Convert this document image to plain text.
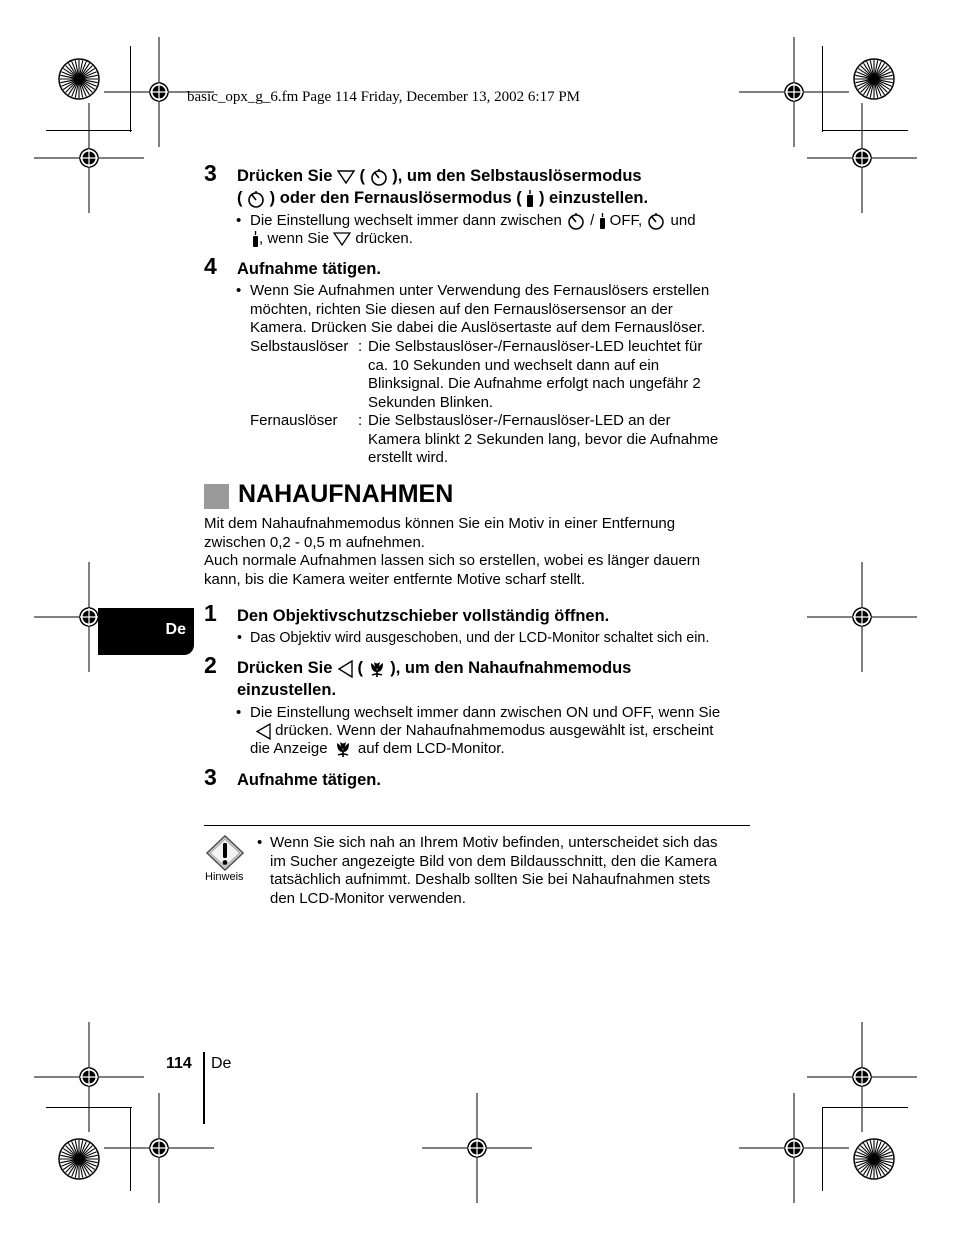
basic_opx_g_6.fm Page 114 Friday, December 13, 2002 6:17 PM
3 Drücken Sie  (  ), um den Selbstauslösermodus
(  ) oder den Fernauslösermodus (  ) einzustellen.
• Die Einstellung wechselt immer dann zwischen  /  OFF,  und
, wenn Sie  drücken.
4 Aufnahme tätigen.
• Wenn Sie Aufnahmen unter Verwendung des Fernauslösers erstellen
möchten, richten Sie diesen auf den Fernauslösersensor an der
Kamera. Drücken Sie dabei die Auslösertaste auf dem Fernauslöser.
Selbstauslöser : Die Selbstauslöser-/Fernauslöser-LED leuchtet für
ca. 10 Sekunden und wechselt dann auf ein
Blinksignal. Die Aufnahme erfolgt nach ungefähr 2
Sekunden Blinken.
Fernauslöser : Die Selbstauslöser-/Fernauslöser-LED an der
Kamera blinkt 2 Sekunden lang, bevor die Aufnahme
erstellt wird.
NAHAUFNAHMEN
Mit dem Nahaufnahmemodus können Sie ein Motiv in einer Entfernung
zwischen 0,2 - 0,5 m aufnehmen.
Auch normale Aufnahmen lassen sich so erstellen, wobei es länger dauern
kann, bis die Kamera weiter entfernte Motive scharf stellt.
De
1 Den Objektivschutzschieber vollständig öffnen.
• Das Objektiv wird ausgeschoben, und der LCD-Monitor schaltet sich ein.
2 Drücken Sie  (  ), um den Nahaufnahmemodus
einzustellen.
• Die Einstellung wechselt immer dann zwischen ON und OFF, wenn Sie
drücken. Wenn der Nahaufnahmemodus ausgewählt ist, erscheint
die Anzeige  auf dem LCD-Monitor.
3 Aufnahme tätigen.
Hinweis
• Wenn Sie sich nah an Ihrem Motiv befinden, unterscheidet sich das
im Sucher angezeigte Bild von dem Bildausschnitt, den die Kamera
tatsächlich aufnimmt. Deshalb sollten Sie bei Nahaufnahmen stets
den LCD-Monitor verwenden.
114 De
